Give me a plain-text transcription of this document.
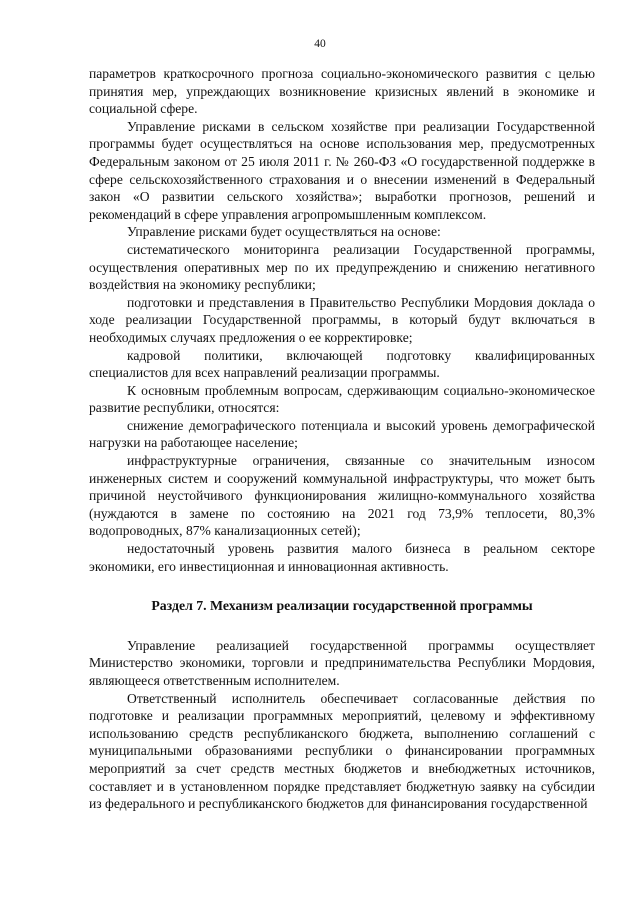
40

параметров краткосрочного прогноза социально-экономического развития с целью принятия мер, упреждающих возникновение кризисных явлений в экономике и социальной сфере.

Управление рисками в сельском хозяйстве при реализации Государственной программы будет осуществляться на основе использования мер, предусмотренных Федеральным законом от 25 июля 2011 г. № 260-ФЗ «О государственной поддержке в сфере сельскохозяйственного страхования и о внесении изменений в Федеральный закон «О развитии сельского хозяйства»; выработки прогнозов, решений и рекомендаций в сфере управления агропромышленным комплексом.

Управление рисками будет осуществляться на основе:

систематического мониторинга реализации Государственной программы, осуществления оперативных мер по их предупреждению и снижению негативного воздействия на экономику республики;

подготовки и представления в Правительство Республики Мордовия доклада о ходе реализации Государственной программы, в который будут включаться в необходимых случаях предложения о ее корректировке;

кадровой политики, включающей подготовку квалифицированных специалистов для всех направлений реализации программы.

К основным проблемным вопросам, сдерживающим социально-экономическое развитие республики, относятся:

снижение демографического потенциала и высокий уровень демографической нагрузки на работающее население;

инфраструктурные ограничения, связанные со значительным износом инженерных систем и сооружений коммунальной инфраструктуры, что может быть причиной неустойчивого функционирования жилищно-коммунального хозяйства (нуждаются в замене по состоянию на 2021 год 73,9% теплосети, 80,3% водопроводных, 87% канализационных сетей);

недостаточный уровень развития малого бизнеса в реальном секторе экономики, его инвестиционная и инновационная активность.

Раздел 7. Механизм реализации государственной программы

Управление реализацией государственной программы осуществляет Министерство экономики, торговли и предпринимательства Республики Мордовия, являющееся ответственным исполнителем.

Ответственный исполнитель обеспечивает согласованные действия по подготовке и реализации программных мероприятий, целевому и эффективному использованию средств республиканского бюджета, выполнению соглашений с муниципальными образованиями республики о финансировании программных мероприятий за счет средств местных бюджетов и внебюджетных источников, составляет и в установленном порядке представляет бюджетную заявку на субсидии из федерального и республиканского бюджетов для финансирования государственной
